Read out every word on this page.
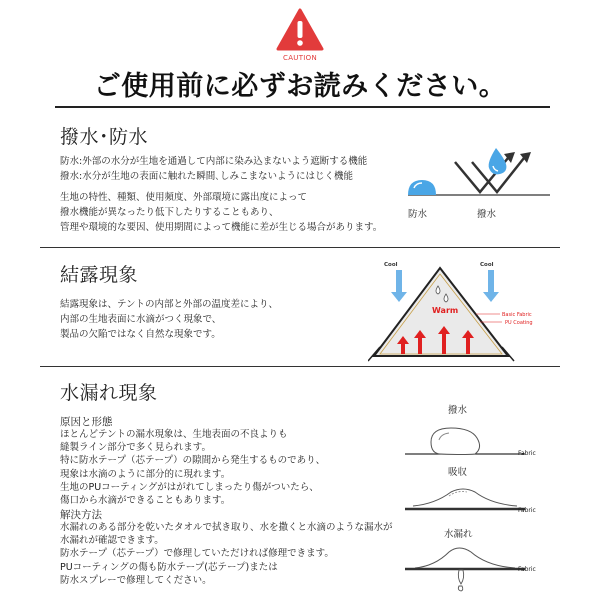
CAUTION
ご使用前に必ずお読みください。
撥水･防水
防水:外部の水分が生地を通過して内部に染み込まないよう遮断する機能
撥水:水分が生地の表面に触れた瞬間､しみこまないようにはじく機能
生地の特性、種類、使用頻度、外部環境に露出度によって
撥水機能が異なったり低下したりすることもあり、
管理や環境的な要因、使用期間によって機能に差が生じる場合があります。
防水	撥水
結露現象
結露現象は、テントの内部と外部の温度差により、
内部の生地表面に水滴がつく現象で、
製品の欠陥ではなく自然な現象です。
Cool	Cool
Warm	Basic Fabric
PU Coating
水漏れ現象
原因と形態
ほとんどテントの漏水現象は、生地表面の不良よりも
縫製ライン部分で多く見られます。
特に防水テープ（芯テープ）の隙間から発生するものであり、
現象は水滴のように部分的に現れます。
生地のPUコーティングがはがれてしまったり傷がついたら、
傷口から水滴ができることもあります。
解決方法
水漏れのある部分を乾いたタオルで拭き取り、水を撒くと水滴のような漏水が
水漏れが確認できます。
防水テープ（芯テープ）で修理していただければ修理できます。
PUコーティングの傷も防水テープ(芯テープ)または
防水スプレーで修理してください。
撥水
Fabric
吸収
Fabric
水漏れ
Fabric
